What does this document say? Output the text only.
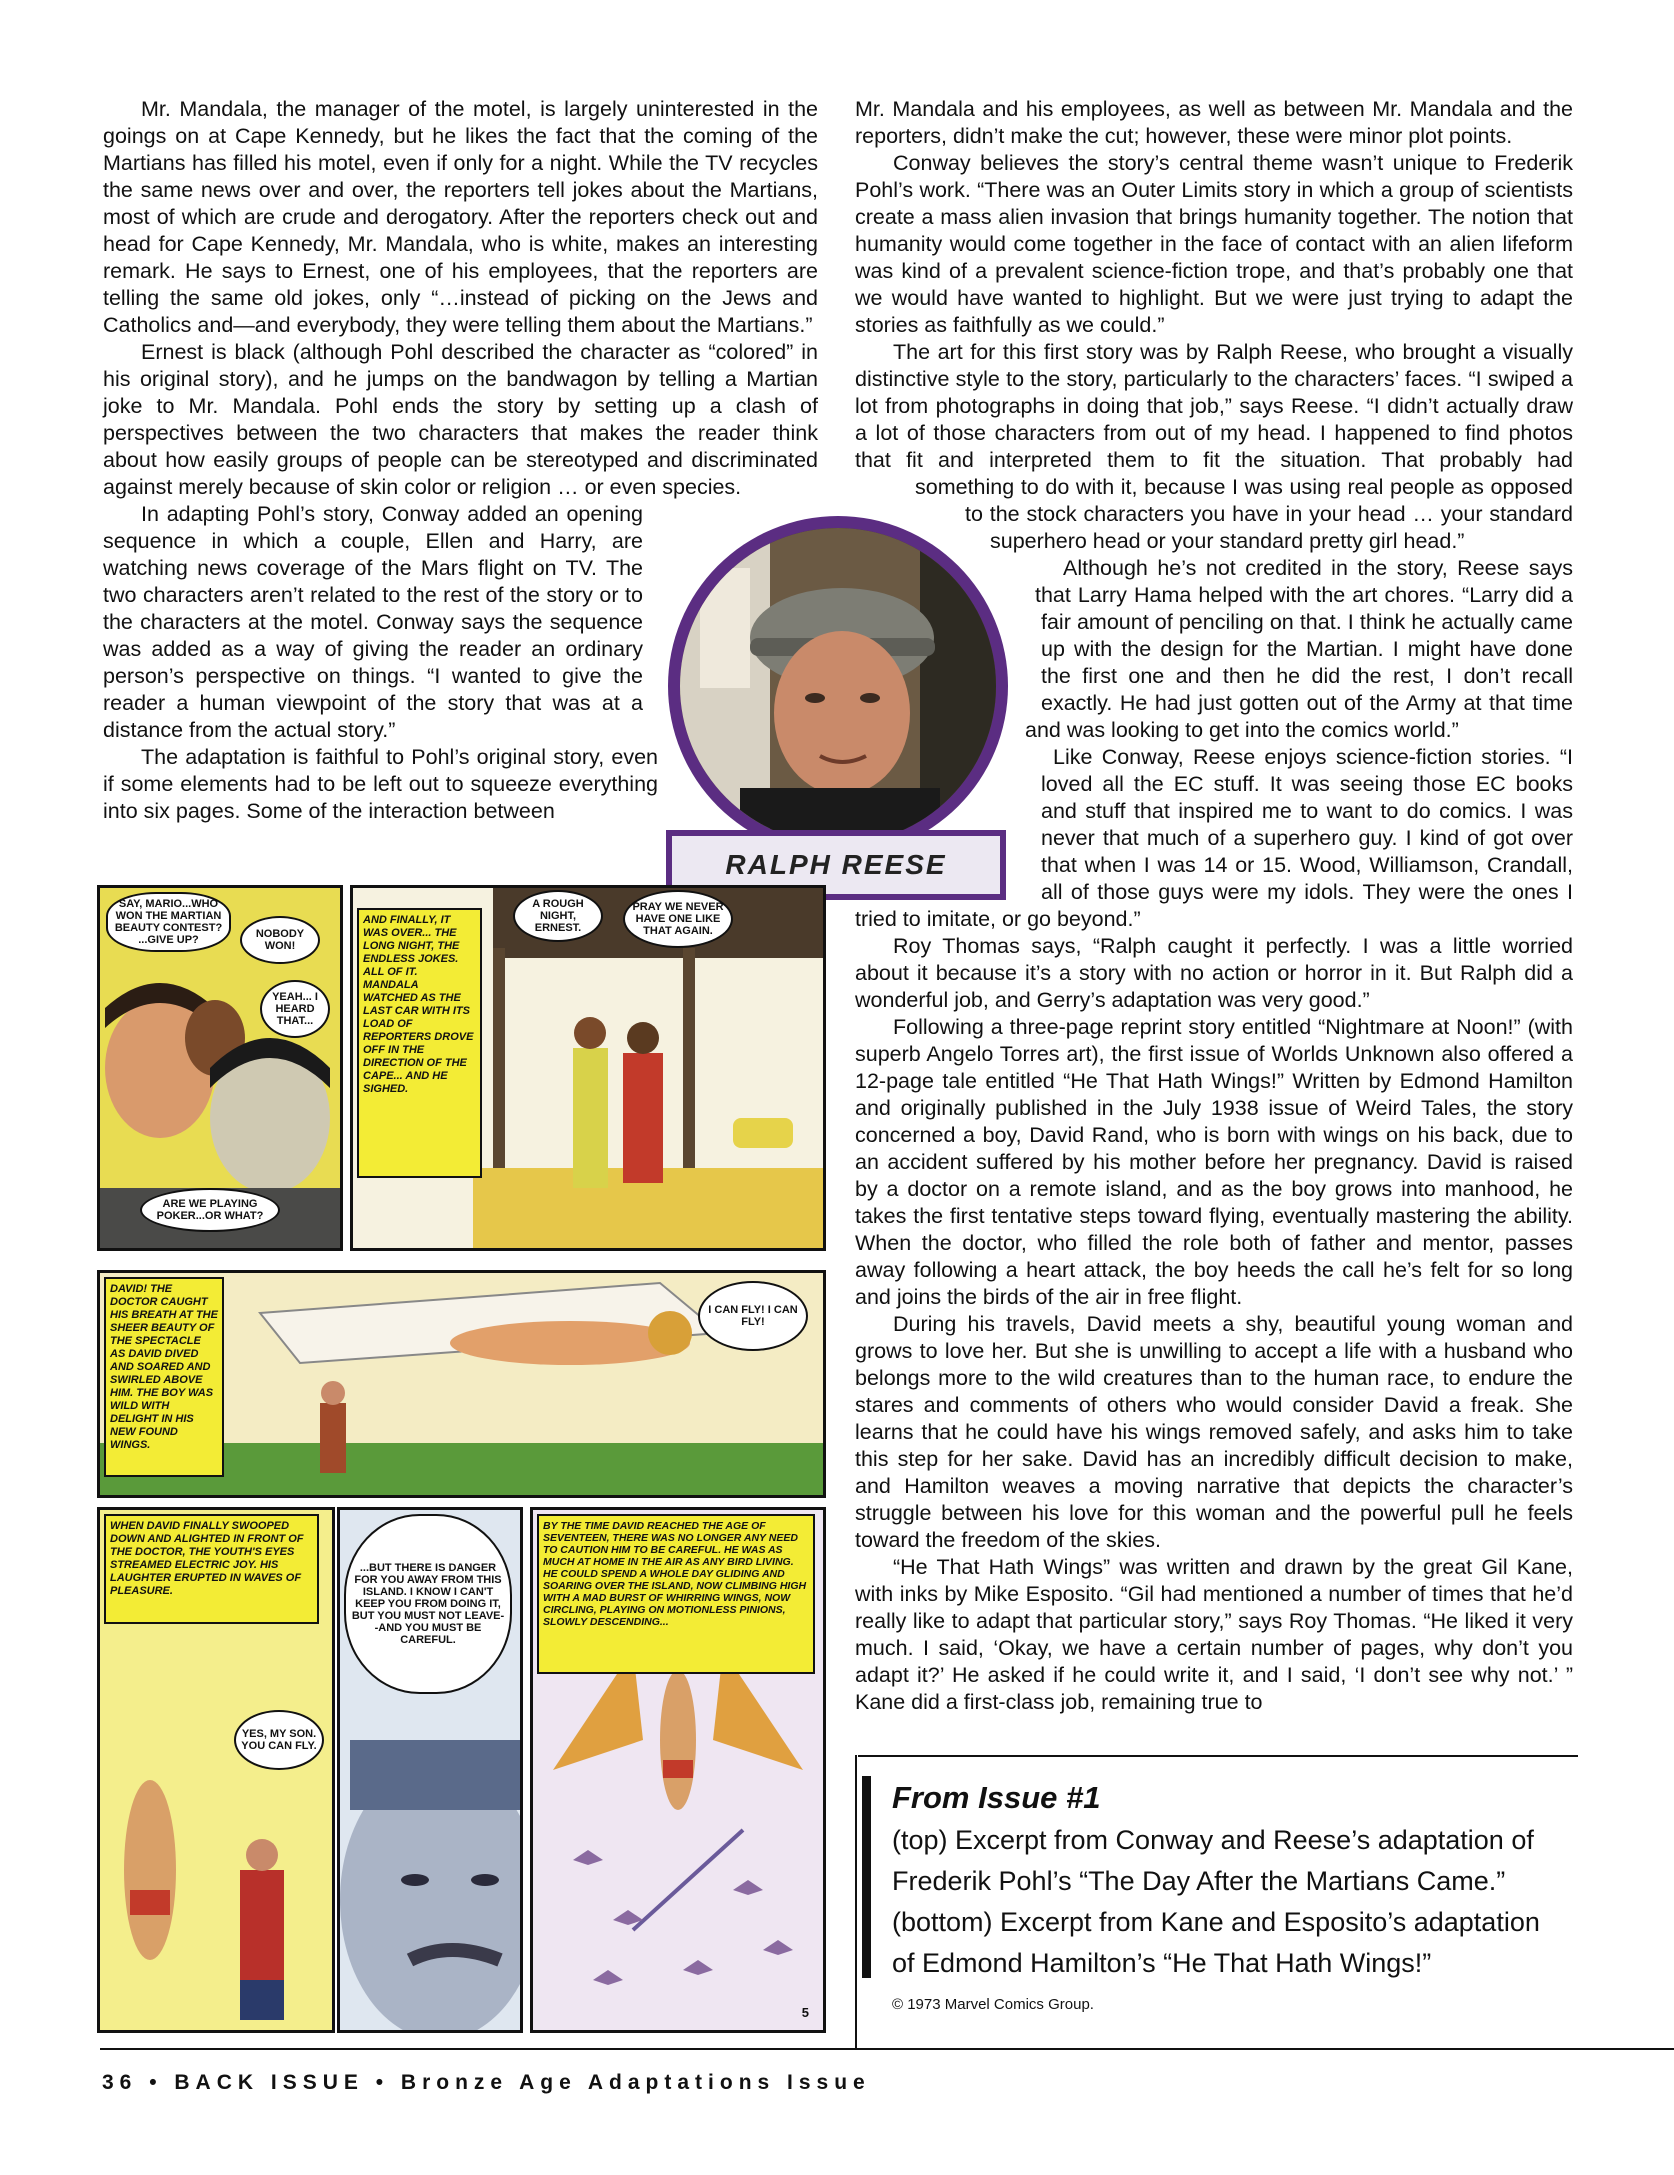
Mr. Mandala, the manager of the motel, is largely uninterested in the goings on at Cape Kennedy, but he likes the fact that the coming of the Martians has filled his motel, even if only for a night. While the TV recycles the same news over and over, the reporters tell jokes about the Martians, most of which are crude and derogatory. After the reporters check out and head for Cape Kennedy, Mr. Mandala, who is white, makes an interesting remark. He says to Ernest, one of his employees, that the reporters are telling the same old jokes, only “…instead of picking on the Jews and Catholics and—and everybody, they were telling them about the Martians.”

Ernest is black (although Pohl described the character as “colored” in his original story), and he jumps on the bandwagon by telling a Martian joke to Mr. Mandala. Pohl ends the story by setting up a clash of perspectives between the two characters that makes the reader think about how easily groups of people can be stereotyped and discriminated against merely because of skin color or religion … or even species.

In adapting Pohl’s story, Conway added an opening sequence in which a couple, Ellen and Harry, are watching news coverage of the Mars flight on TV. The two characters aren’t related to the rest of the story or to the characters at the motel. Conway says the sequence was added as a way of giving the reader an ordinary person’s perspective on things. “I wanted to give the reader a human viewpoint of the story that was at a distance from the actual story.”

The adaptation is faithful to Pohl’s original story, even if some elements had to be left out to squeeze everything into six pages. Some of the interaction between

Mr. Mandala and his employees, as well as between Mr. Mandala and the reporters, didn’t make the cut; however, these were minor plot points.

Conway believes the story’s central theme wasn’t unique to Frederik Pohl’s work. “There was an Outer Limits story in which a group of scientists create a mass alien invasion that brings humanity together. The notion that humanity would come together in the face of contact with an alien lifeform was kind of a prevalent science-fiction trope, and that’s probably one that we would have wanted to highlight. But we were just trying to adapt the stories as faithfully as we could.”

The art for this first story was by Ralph Reese, who brought a visually distinctive style to the story, particularly to the characters’ faces. “I swiped a lot from photographs in doing that job,” says Reese. “I didn’t actually draw a lot of those characters from out of my head. I happened to find photos that fit and interpreted them to fit the situation. That probably had something to do with it, because I was using real people as opposed to the stock characters you have in your head … your standard superhero head or your standard pretty girl head.”

Although he’s not credited in the story, Reese says that Larry Hama helped with the art chores. “Larry did a fair amount of penciling on that. I think he actually came up with the design for the Martian. I might have done the first one and then he did the rest, I don’t recall exactly. He had just gotten out of the Army at that time and was looking to get into the comics world.”

Like Conway, Reese enjoys science-fiction stories. “I loved all the EC stuff. It was seeing those EC books and stuff that inspired me to want to do comics. I was never that much of a superhero guy. I kind of got over that when I was 14 or 15. Wood, Williamson, Crandall, all of those guys were my idols. They were the ones I tried to imitate, or go beyond.”

Roy Thomas says, “Ralph caught it perfectly. I was a little worried about it because it’s a story with no action or horror in it. But Ralph did a wonderful job, and Gerry’s adaptation was very good.”

Following a three-page reprint story entitled “Nightmare at Noon!” (with superb Angelo Torres art), the first issue of Worlds Unknown also offered a 12-page tale entitled “He That Hath Wings!” Written by Edmond Hamilton and originally published in the July 1938 issue of Weird Tales, the story concerned a boy, David Rand, who is born with wings on his back, due to an accident suffered by his mother before her pregnancy. David is raised by a doctor on a remote island, and as the boy grows into manhood, he takes the first tentative steps toward flying, eventually mastering the ability. When the doctor, who filled the role both of father and mentor, passes away following a heart attack, the boy heeds the call he’s felt for so long and joins the birds of the air in free flight.

During his travels, David meets a shy, beautiful young woman and grows to love her. But she is unwilling to accept a life with a husband who belongs more to the wild creatures than to the human race, to endure the stares and comments of others who would consider David a freak. She learns that he could have his wings removed safely, and asks him to take this step for her sake. David has an incredibly difficult decision to make, and Hamilton weaves a moving narrative that depicts the character’s struggle between his love for this woman and the powerful pull he feels toward the freedom of the skies.

“He That Hath Wings” was written and drawn by the great Gil Kane, with inks by Mike Esposito. “Gil had mentioned a number of times that he’d really like to adapt that particular story,” says Roy Thomas. “He liked it very much. I said, ‘Okay, we have a certain number of pages, why don’t you adapt it?’ He asked if he could write it, and I said, ‘I don’t see why not.’ ” Kane did a first-class job, remaining true to

RALPH REESE
SAY, MARIO...WHO WON THE MARTIAN BEAUTY CONTEST? ...GIVE UP?	NOBODY WON!
YEAH... I HEARD THAT...
ARE WE PLAYING POKER...OR WHAT?
AND FINALLY, IT WAS OVER... THE LONG NIGHT, THE ENDLESS JOKES. ALL OF IT. MANDALA WATCHED AS THE LAST CAR WITH ITS LOAD OF REPORTERS DROVE OFF IN THE DIRECTION OF THE CAPE... AND HE SIGHED.
A ROUGH NIGHT, ERNEST.
PRAY WE NEVER HAVE ONE LIKE THAT AGAIN.
DAVID! THE DOCTOR CAUGHT HIS BREATH AT THE SHEER BEAUTY OF THE SPECTACLE AS DAVID DIVED AND SOARED AND SWIRLED ABOVE HIM. THE BOY WAS WILD WITH DELIGHT IN HIS NEW FOUND WINGS.
I CAN FLY! I CAN FLY!
WHEN DAVID FINALLY SWOOPED DOWN AND ALIGHTED IN FRONT OF THE DOCTOR, THE YOUTH'S EYES STREAMED ELECTRIC JOY. HIS LAUGHTER ERUPTED IN WAVES OF PLEASURE.
YES, MY SON. YOU CAN FLY.
...BUT THERE IS DANGER FOR YOU AWAY FROM THIS ISLAND. I KNOW I CAN'T KEEP YOU FROM DOING IT, BUT YOU MUST NOT LEAVE--AND YOU MUST BE CAREFUL.
BY THE TIME DAVID REACHED THE AGE OF SEVENTEEN, THERE WAS NO LONGER ANY NEED TO CAUTION HIM TO BE CAREFUL. HE WAS AS MUCH AT HOME IN THE AIR AS ANY BIRD LIVING. HE COULD SPEND A WHOLE DAY GLIDING AND SOARING OVER THE ISLAND, NOW CLIMBING HIGH WITH A MAD BURST OF WHIRRING WINGS, NOW CIRCLING, PLAYING ON MOTIONLESS PINIONS, SLOWLY DESCENDING...
5
From Issue #1
(top) Excerpt from Conway and Reese’s adaptation of
Frederik Pohl’s “The Day After the Martians Came.”
(bottom) Excerpt from Kane and Esposito’s adaptation
of Edmond Hamilton’s “He That Hath Wings!”
© 1973 Marvel Comics Group.
36 • BACK ISSUE • Bronze Age Adaptations Issue
